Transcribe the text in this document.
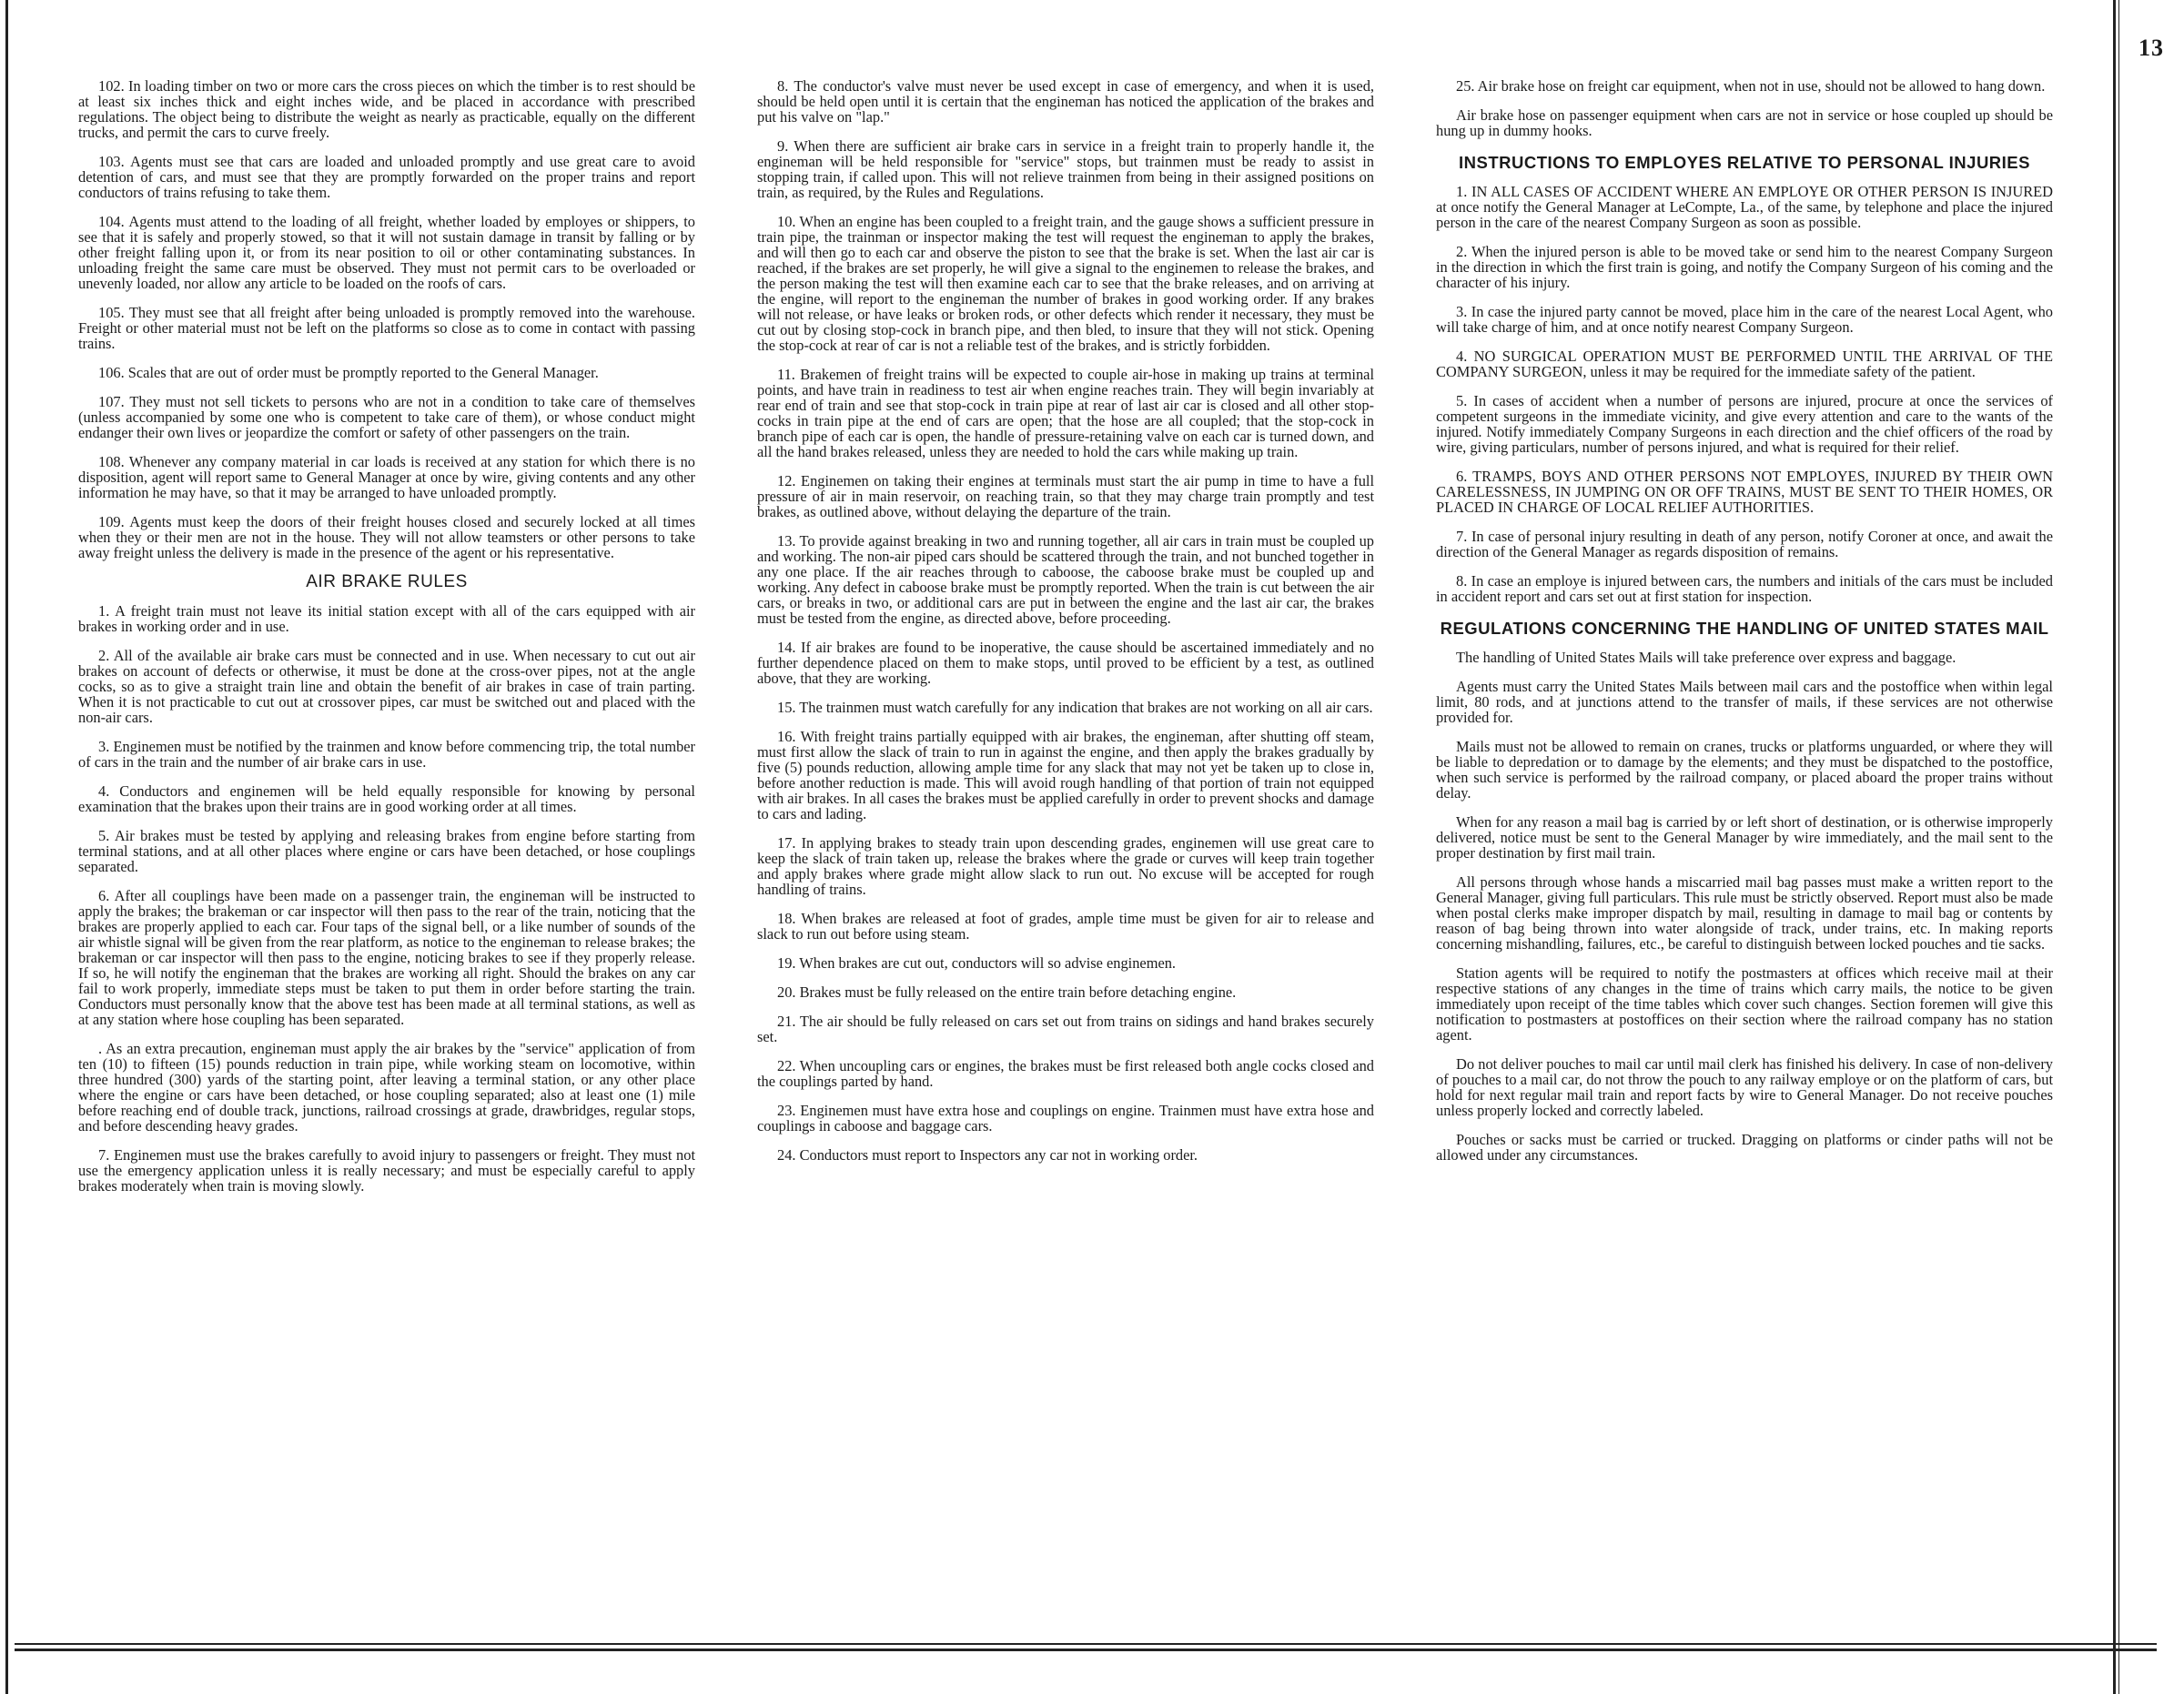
13

102. In loading timber on two or more cars the cross pieces on which the timber is to rest should be at least six inches thick and eight inches wide, and be placed in accordance with prescribed regulations. The object being to distribute the weight as nearly as practicable, equally on the different trucks, and permit the cars to curve freely.

103. Agents must see that cars are loaded and unloaded promptly and use great care to avoid detention of cars, and must see that they are promptly forwarded on the proper trains and report conductors of trains refusing to take them.

104. Agents must attend to the loading of all freight, whether loaded by employes or shippers, to see that it is safely and properly stowed, so that it will not sustain damage in transit by falling or by other freight falling upon it, or from its near position to oil or other contaminating substances. In unloading freight the same care must be observed. They must not permit cars to be overloaded or unevenly loaded, nor allow any article to be loaded on the roofs of cars.

105. They must see that all freight after being unloaded is promptly removed into the warehouse. Freight or other material must not be left on the platforms so close as to come in contact with passing trains.

106. Scales that are out of order must be promptly reported to the General Manager.

107. They must not sell tickets to persons who are not in a condition to take care of themselves (unless accompanied by some one who is competent to take care of them), or whose conduct might endanger their own lives or jeopardize the comfort or safety of other passengers on the train.

108. Whenever any company material in car loads is received at any station for which there is no disposition, agent will report same to General Manager at once by wire, giving contents and any other information he may have, so that it may be arranged to have unloaded promptly.

109. Agents must keep the doors of their freight houses closed and securely locked at all times when they or their men are not in the house. They will not allow teamsters or other persons to take away freight unless the delivery is made in the presence of the agent or his representative.

AIR BRAKE RULES

1. A freight train must not leave its initial station except with all of the cars equipped with air brakes in working order and in use.

2. All of the available air brake cars must be connected and in use. When necessary to cut out air brakes on account of defects or otherwise, it must be done at the cross-over pipes, not at the angle cocks, so as to give a straight train line and obtain the benefit of air brakes in case of train parting. When it is not practicable to cut out at crossover pipes, car must be switched out and placed with the non-air cars.

3. Enginemen must be notified by the trainmen and know before commencing trip, the total number of cars in the train and the number of air brake cars in use.

4. Conductors and enginemen will be held equally responsible for knowing by personal examination that the brakes upon their trains are in good working order at all times.

5. Air brakes must be tested by applying and releasing brakes from engine before starting from terminal stations, and at all other places where engine or cars have been detached, or hose couplings separated.

6. After all couplings have been made on a passenger train, the engineman will be instructed to apply the brakes; the brakeman or car inspector will then pass to the rear of the train, noticing that the brakes are properly applied to each car. Four taps of the signal bell, or a like number of sounds of the air whistle signal will be given from the rear platform, as notice to the engineman to release brakes; the brakeman or car inspector will then pass to the engine, noticing brakes to see if they properly release. If so, he will notify the engineman that the brakes are working all right. Should the brakes on any car fail to work properly, immediate steps must be taken to put them in order before starting the train. Conductors must personally know that the above test has been made at all terminal stations, as well as at any station where hose coupling has been separated.

. As an extra precaution, engineman must apply the air brakes by the "service" application of from ten (10) to fifteen (15) pounds reduction in train pipe, while working steam on locomotive, within three hundred (300) yards of the starting point, after leaving a terminal station, or any other place where the engine or cars have been detached, or hose coupling separated; also at least one (1) mile before reaching end of double track, junctions, railroad crossings at grade, drawbridges, regular stops, and before descending heavy grades.

7. Enginemen must use the brakes carefully to avoid injury to passengers or freight. They must not use the emergency application unless it is really necessary; and must be especially careful to apply brakes moderately when train is moving slowly.

8. The conductor's valve must never be used except in case of emergency, and when it is used, should be held open until it is certain that the engineman has noticed the application of the brakes and put his valve on "lap."

9. When there are sufficient air brake cars in service in a freight train to properly handle it, the engineman will be held responsible for "service" stops, but trainmen must be ready to assist in stopping train, if called upon. This will not relieve trainmen from being in their assigned positions on train, as required, by the Rules and Regulations.

10. When an engine has been coupled to a freight train, and the gauge shows a sufficient pressure in train pipe, the trainman or inspector making the test will request the engineman to apply the brakes, and will then go to each car and observe the piston to see that the brake is set. When the last air car is reached, if the brakes are set properly, he will give a signal to the enginemen to release the brakes, and the person making the test will then examine each car to see that the brake releases, and on arriving at the engine, will report to the engineman the number of brakes in good working order. If any brakes will not release, or have leaks or broken rods, or other defects which render it necessary, they must be cut out by closing stop-cock in branch pipe, and then bled, to insure that they will not stick. Opening the stop-cock at rear of car is not a reliable test of the brakes, and is strictly forbidden.

11. Brakemen of freight trains will be expected to couple air-hose in making up trains at terminal points, and have train in readiness to test air when engine reaches train. They will begin invariably at rear end of train and see that stop-cock in train pipe at rear of last air car is closed and all other stop-cocks in train pipe at the end of cars are open; that the hose are all coupled; that the stop-cock in branch pipe of each car is open, the handle of pressure-retaining valve on each car is turned down, and all the hand brakes released, unless they are needed to hold the cars while making up train.

12. Enginemen on taking their engines at terminals must start the air pump in time to have a full pressure of air in main reservoir, on reaching train, so that they may charge train promptly and test brakes, as outlined above, without delaying the departure of the train.

13. To provide against breaking in two and running together, all air cars in train must be coupled up and working. The non-air piped cars should be scattered through the train, and not bunched together in any one place. If the air reaches through to caboose, the caboose brake must be coupled up and working. Any defect in caboose brake must be promptly reported. When the train is cut between the air cars, or breaks in two, or additional cars are put in between the engine and the last air car, the brakes must be tested from the engine, as directed above, before proceeding.

14. If air brakes are found to be inoperative, the cause should be ascertained immediately and no further dependence placed on them to make stops, until proved to be efficient by a test, as outlined above, that they are working.

15. The trainmen must watch carefully for any indication that brakes are not working on all air cars.

16. With freight trains partially equipped with air brakes, the engineman, after shutting off steam, must first allow the slack of train to run in against the engine, and then apply the brakes gradually by five (5) pounds reduction, allowing ample time for any slack that may not yet be taken up to close in, before another reduction is made. This will avoid rough handling of that portion of train not equipped with air brakes. In all cases the brakes must be applied carefully in order to prevent shocks and damage to cars and lading.

17. In applying brakes to steady train upon descending grades, enginemen will use great care to keep the slack of train taken up, release the brakes where the grade or curves will keep train together and apply brakes where grade might allow slack to run out. No excuse will be accepted for rough handling of trains.

18. When brakes are released at foot of grades, ample time must be given for air to release and slack to run out before using steam.

19. When brakes are cut out, conductors will so advise enginemen.

20. Brakes must be fully released on the entire train before detaching engine.

21. The air should be fully released on cars set out from trains on sidings and hand brakes securely set.

22. When uncoupling cars or engines, the brakes must be first released both angle cocks closed and the couplings parted by hand.

23. Enginemen must have extra hose and couplings on engine. Trainmen must have extra hose and couplings in caboose and baggage cars.

24. Conductors must report to Inspectors any car not in working order.

25. Air brake hose on freight car equipment, when not in use, should not be allowed to hang down.

Air brake hose on passenger equipment when cars are not in service or hose coupled up should be hung up in dummy hooks.

INSTRUCTIONS TO EMPLOYES RELATIVE TO PERSONAL INJURIES

1. IN ALL CASES OF ACCIDENT WHERE AN EMPLOYE OR OTHER PERSON IS INJURED at once notify the General Manager at LeCompte, La., of the same, by telephone and place the injured person in the care of the nearest Company Surgeon as soon as possible.

2. When the injured person is able to be moved take or send him to the nearest Company Surgeon in the direction in which the first train is going, and notify the Company Surgeon of his coming and the character of his injury.

3. In case the injured party cannot be moved, place him in the care of the nearest Local Agent, who will take charge of him, and at once notify nearest Company Surgeon.

4. NO SURGICAL OPERATION MUST BE PERFORMED UNTIL THE ARRIVAL OF THE COMPANY SURGEON, unless it may be required for the immediate safety of the patient.

5. In cases of accident when a number of persons are injured, procure at once the services of competent surgeons in the immediate vicinity, and give every attention and care to the wants of the injured. Notify immediately Company Surgeons in each direction and the chief officers of the road by wire, giving particulars, number of persons injured, and what is required for their relief.

6. TRAMPS, BOYS AND OTHER PERSONS NOT EMPLOYES, INJURED BY THEIR OWN CARELESSNESS, IN JUMPING ON OR OFF TRAINS, MUST BE SENT TO THEIR HOMES, OR PLACED IN CHARGE OF LOCAL RELIEF AUTHORITIES.

7. In case of personal injury resulting in death of any person, notify Coroner at once, and await the direction of the General Manager as regards disposition of remains.

8. In case an employe is injured between cars, the numbers and initials of the cars must be included in accident report and cars set out at first station for inspection.

REGULATIONS CONCERNING THE HANDLING OF UNITED STATES MAIL

The handling of United States Mails will take preference over express and baggage.

Agents must carry the United States Mails between mail cars and the postoffice when within legal limit, 80 rods, and at junctions attend to the transfer of mails, if these services are not otherwise provided for.

Mails must not be allowed to remain on cranes, trucks or platforms unguarded, or where they will be liable to depredation or to damage by the elements; and they must be dispatched to the postoffice, when such service is performed by the railroad company, or placed aboard the proper trains without delay.

When for any reason a mail bag is carried by or left short of destination, or is otherwise improperly delivered, notice must be sent to the General Manager by wire immediately, and the mail sent to the proper destination by first mail train.

All persons through whose hands a miscarried mail bag passes must make a written report to the General Manager, giving full particulars. This rule must be strictly observed. Report must also be made when postal clerks make improper dispatch by mail, resulting in damage to mail bag or contents by reason of bag being thrown into water alongside of track, under trains, etc. In making reports concerning mishandling, failures, etc., be careful to distinguish between locked pouches and tie sacks.

Station agents will be required to notify the postmasters at offices which receive mail at their respective stations of any changes in the time of trains which carry mails, the notice to be given immediately upon receipt of the time tables which cover such changes. Section foremen will give this notification to postmasters at postoffices on their section where the railroad company has no station agent.

Do not deliver pouches to mail car until mail clerk has finished his delivery. In case of non-delivery of pouches to a mail car, do not throw the pouch to any railway employe or on the platform of cars, but hold for next regular mail train and report facts by wire to General Manager. Do not receive pouches unless properly locked and correctly labeled.

Pouches or sacks must be carried or trucked. Dragging on platforms or cinder paths will not be allowed under any circumstances.
